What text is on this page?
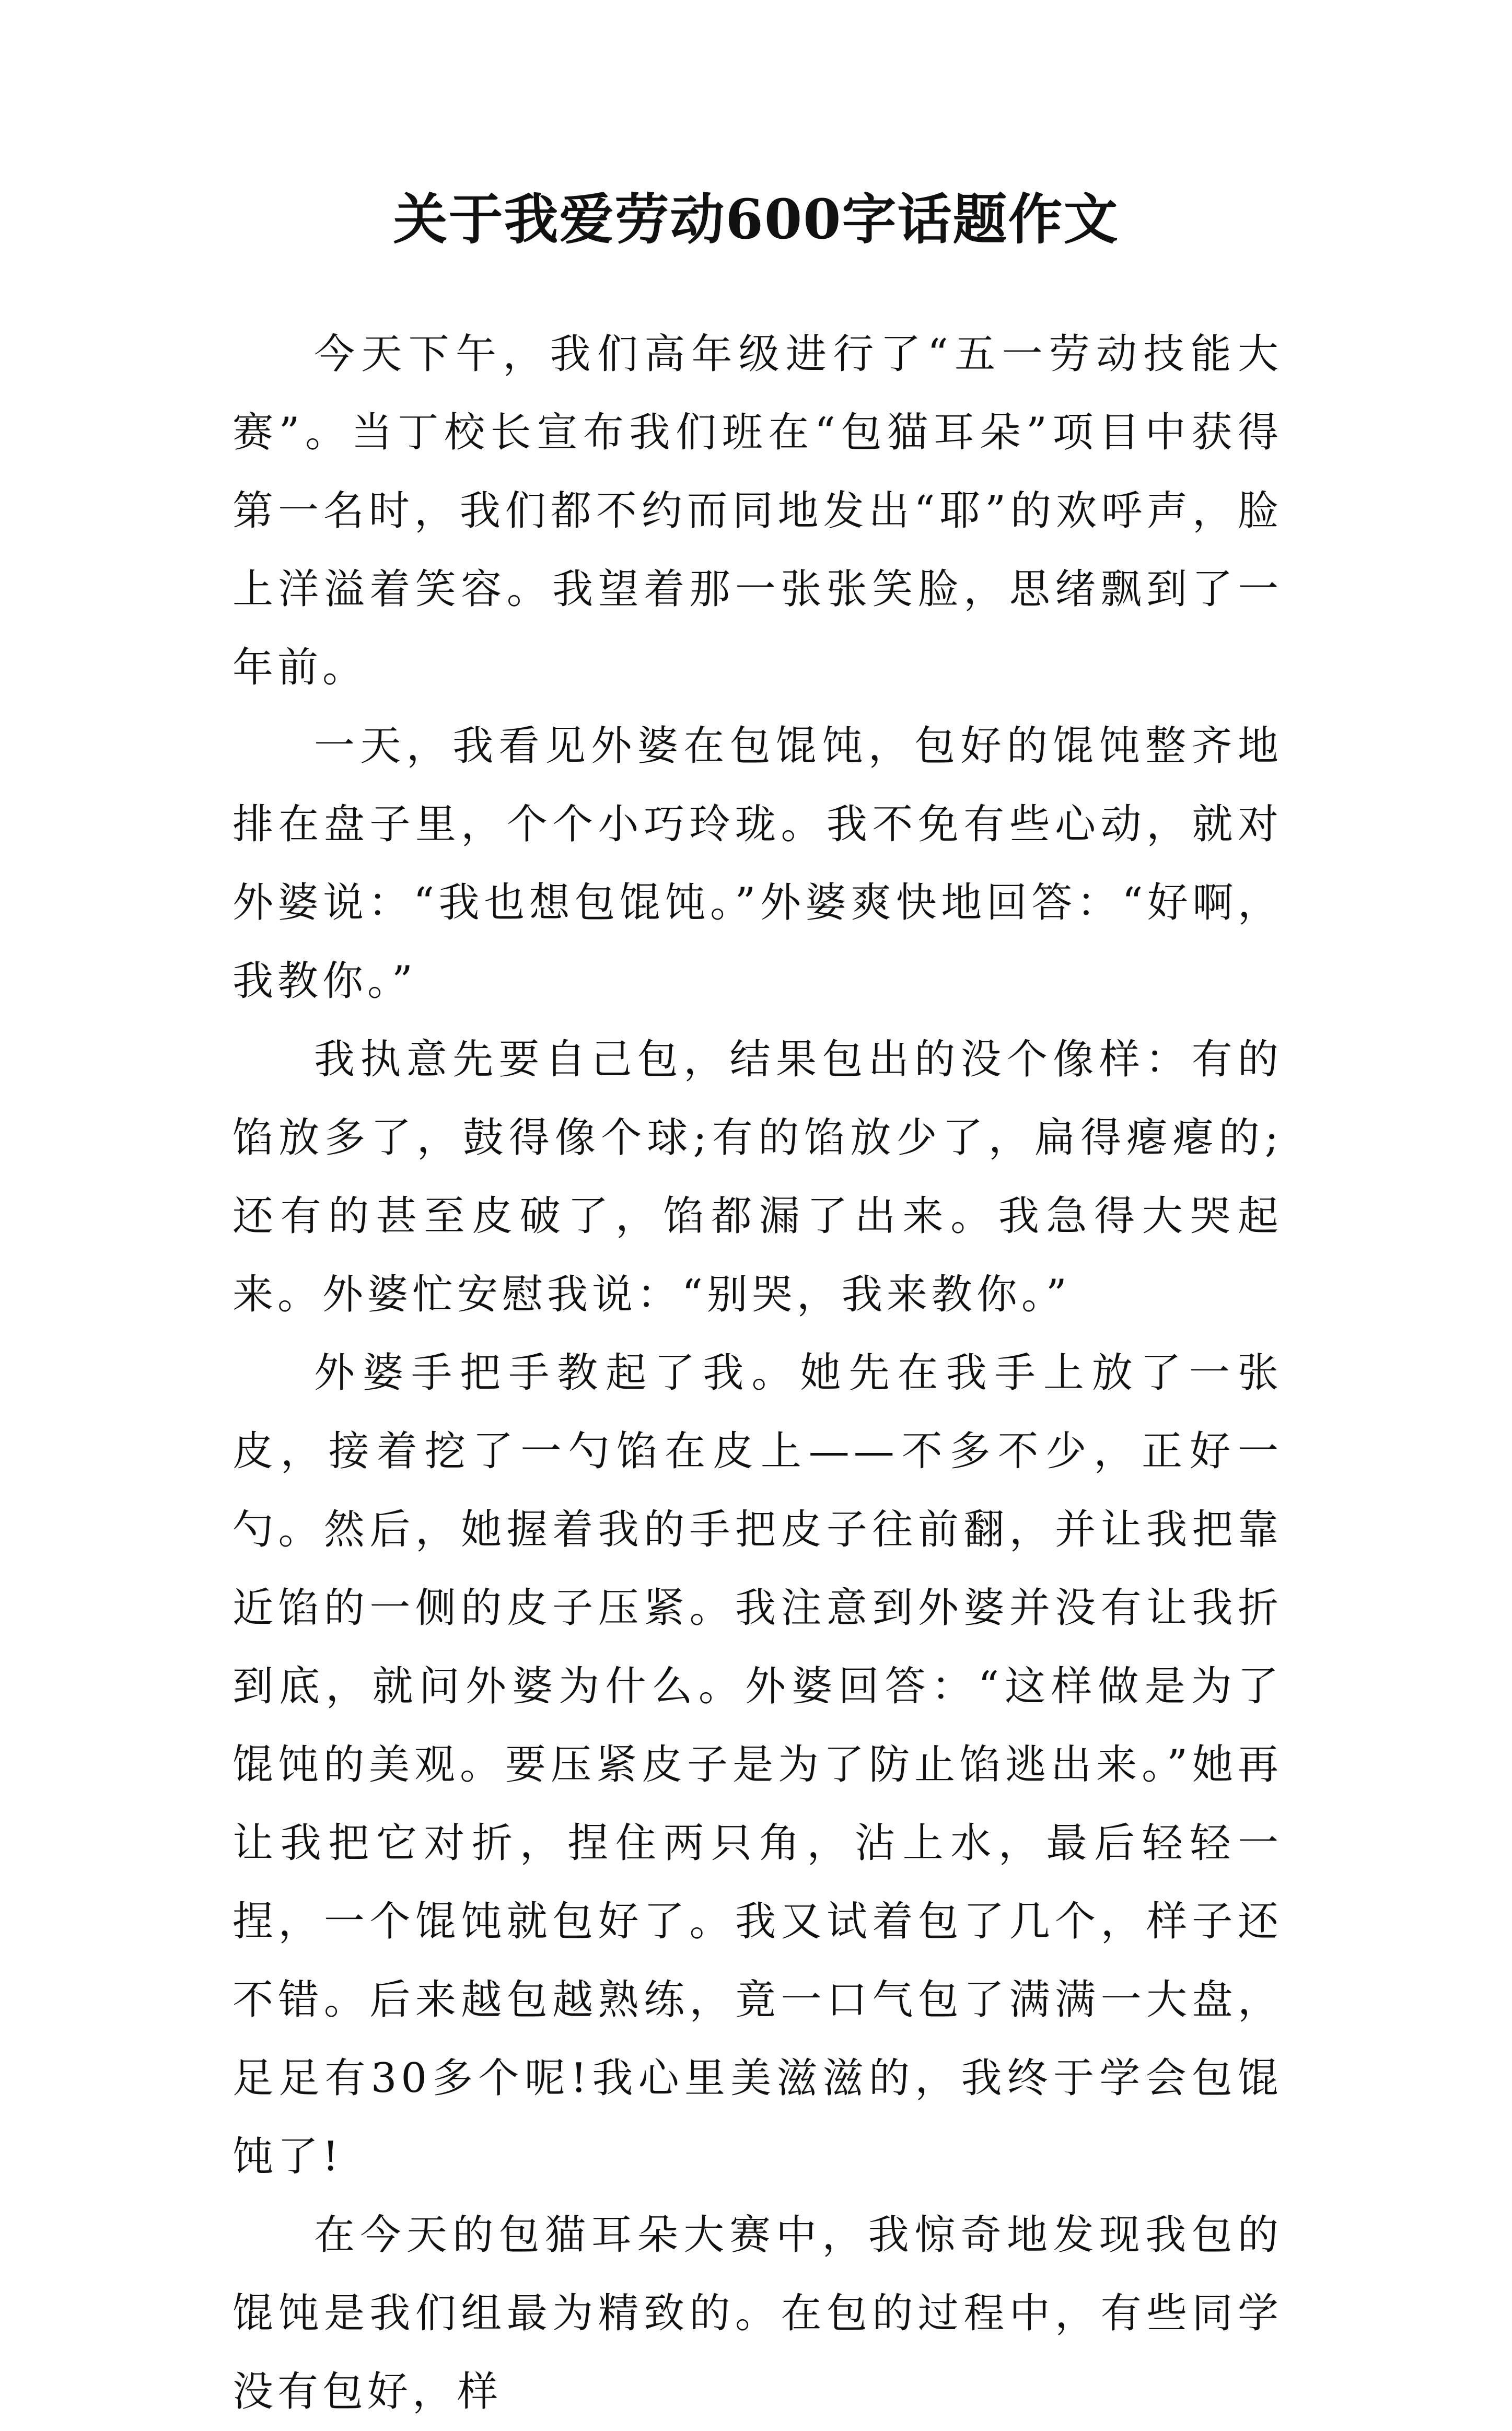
关于我爱劳动600字话题作文

今天下午，我们高年级进行了“五一劳动技能大赛”。当丁校长宣布我们班在“包猫耳朵”项目中获得第一名时，我们都不约而同地发出“耶”的欢呼声，脸上洋溢着笑容。我望着那一张张笑脸，思绪飘到了一年前。

一天，我看见外婆在包馄饨，包好的馄饨整齐地排在盘子里，个个小巧玲珑。我不免有些心动，就对外婆说：“我也想包馄饨。”外婆爽快地回答：“好啊，我教你。”

我执意先要自己包，结果包出的没个像样：有的馅放多了，鼓得像个球;有的馅放少了，扁得瘪瘪的;还有的甚至皮破了，馅都漏了出来。我急得大哭起来。外婆忙安慰我说：“别哭，我来教你。”

外婆手把手教起了我。她先在我手上放了一张皮，接着挖了一勺馅在皮上——不多不少，正好一勺。然后，她握着我的手把皮子往前翻，并让我把靠近馅的一侧的皮子压紧。我注意到外婆并没有让我折到底，就问外婆为什么。外婆回答：“这样做是为了馄饨的美观。要压紧皮子是为了防止馅逃出来。”她再让我把它对折，捏住两只角，沾上水，最后轻轻一捏，一个馄饨就包好了。我又试着包了几个，样子还不错。后来越包越熟练，竟一口气包了满满一大盘，足足有30多个呢!我心里美滋滋的，我终于学会包馄饨了!

在今天的包猫耳朵大赛中，我惊奇地发现我包的馄饨是我们组最为精致的。在包的过程中，有些同学没有包好，样
